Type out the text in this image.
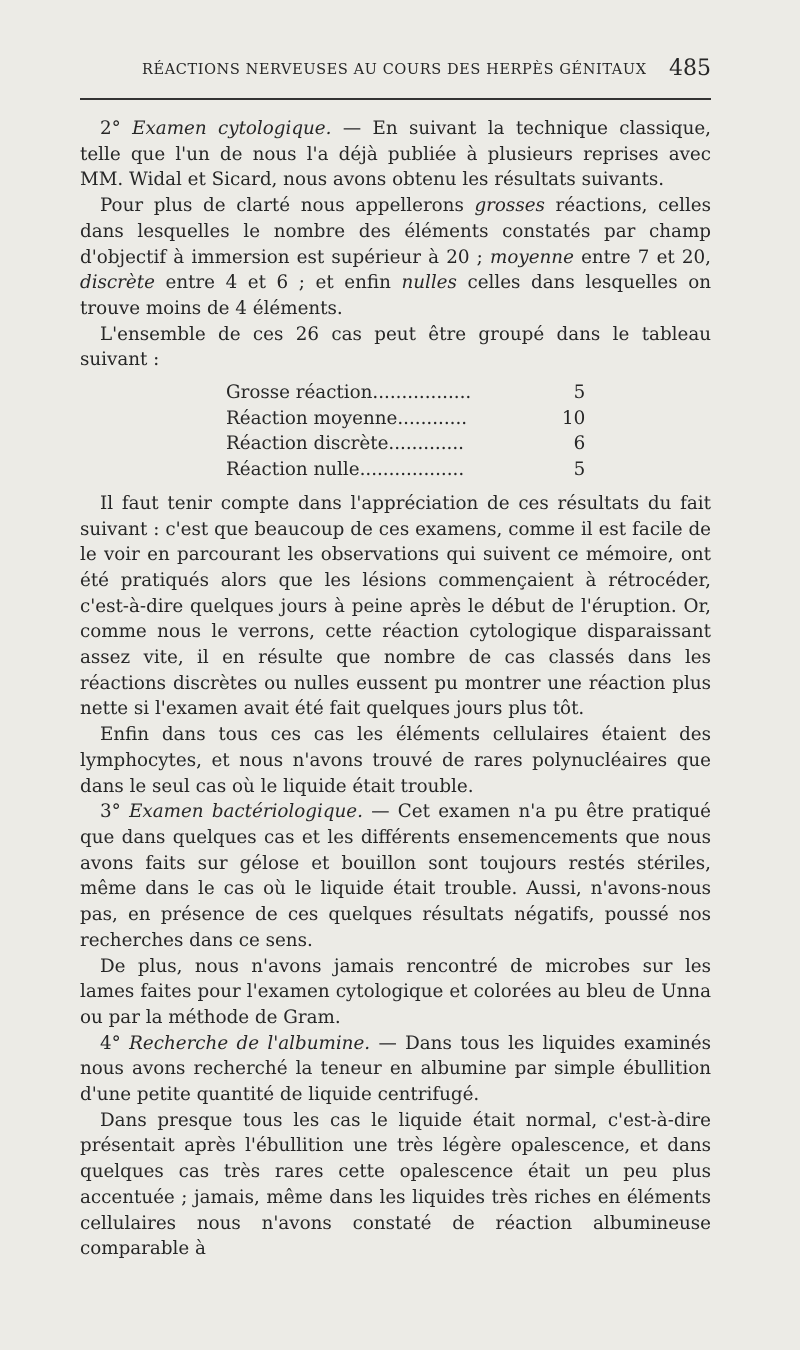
RÉACTIONS NERVEUSES AU COURS DES HERPÈS GÉNITAUX 485

2° Examen cytologique. — En suivant la technique classique, telle que l'un de nous l'a déjà publiée à plusieurs reprises avec MM. Widal et Sicard, nous avons obtenu les résultats suivants.

Pour plus de clarté nous appellerons grosses réactions, celles dans lesquelles le nombre des éléments constatés par champ d'objectif à immersion est supérieur à 20 ; moyenne entre 7 et 20, discrète entre 4 et 6 ; et enfin nulles celles dans lesquelles on trouve moins de 4 éléments.

L'ensemble de ces 26 cas peut être groupé dans le tableau suivant :

Grosse réaction.................	5
Réaction moyenne............	10
Réaction discrète.............	6
Réaction nulle..................	5

Il faut tenir compte dans l'appréciation de ces résultats du fait suivant : c'est que beaucoup de ces examens, comme il est facile de le voir en parcourant les observations qui suivent ce mémoire, ont été pratiqués alors que les lésions commençaient à rétrocéder, c'est-à-dire quelques jours à peine après le début de l'éruption. Or, comme nous le verrons, cette réaction cytologique disparaissant assez vite, il en résulte que nombre de cas classés dans les réactions discrètes ou nulles eussent pu montrer une réaction plus nette si l'examen avait été fait quelques jours plus tôt.

Enfin dans tous ces cas les éléments cellulaires étaient des lymphocytes, et nous n'avons trouvé de rares polynucléaires que dans le seul cas où le liquide était trouble.

3° Examen bactériologique. — Cet examen n'a pu être pratiqué que dans quelques cas et les différents ensemencements que nous avons faits sur gélose et bouillon sont toujours restés stériles, même dans le cas où le liquide était trouble. Aussi, n'avons-nous pas, en présence de ces quelques résultats négatifs, poussé nos recherches dans ce sens.

De plus, nous n'avons jamais rencontré de microbes sur les lames faites pour l'examen cytologique et colorées au bleu de Unna ou par la méthode de Gram.

4° Recherche de l'albumine. — Dans tous les liquides examinés nous avons recherché la teneur en albumine par simple ébullition d'une petite quantité de liquide centrifugé.

Dans presque tous les cas le liquide était normal, c'est-à-dire présentait après l'ébullition une très légère opalescence, et dans quelques cas très rares cette opalescence était un peu plus accentuée ; jamais, même dans les liquides très riches en éléments cellulaires nous n'avons constaté de réaction albumineuse comparable à
